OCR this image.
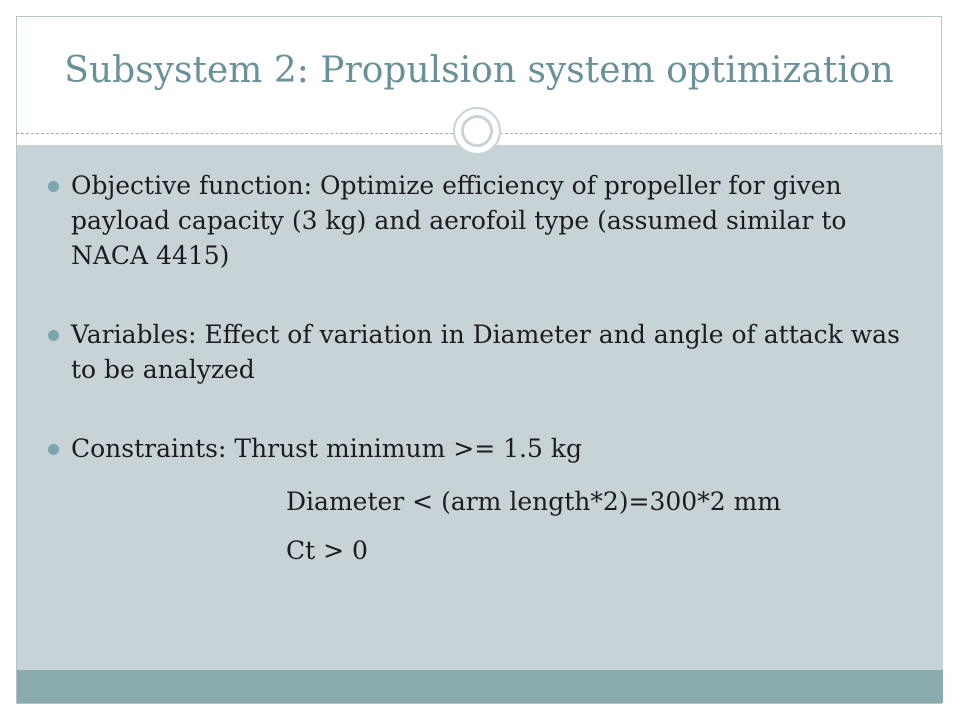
Subsystem 2: Propulsion system optimization
Objective function: Optimize efficiency of propeller for given payload capacity (3 kg) and aerofoil type (assumed similar to NACA 4415)
Variables: Effect of variation in Diameter and angle of attack was to be analyzed
Constraints: Thrust minimum >= 1.5 kg
Diameter < (arm length*2)=300*2 mm
Ct > 0
